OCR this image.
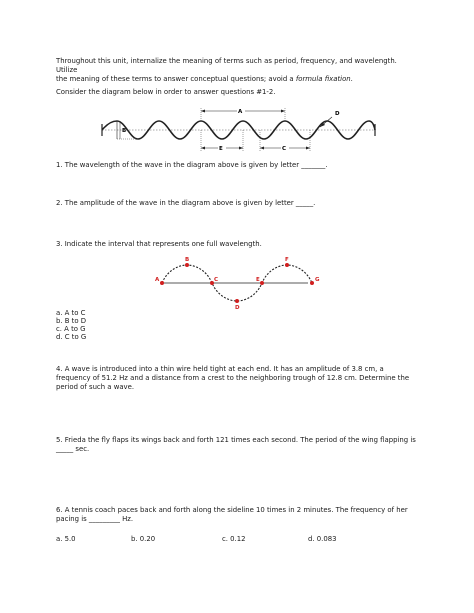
Throughout this unit, internalize the meaning of terms such as period, frequency, and wavelength. Utilize
the meaning of these terms to answer conceptual questions; avoid a formula fixation.

Consider the diagram below in order to answer questions #1-2.

A
B
D
E	C

1. The wavelength of the wave in the diagram above is given by letter _______.

2. The amplitude of the wave in the diagram above is given by letter _____.

3. Indicate the interval that represents one full wavelength.

A
B
C
D
E
F
G
a. A to C
b. B to D
c. A to G
d. C to G

4. A wave is introduced into a thin wire held tight at each end. It has an amplitude of 3.8 cm, a frequency of 51.2 Hz and a distance from a crest to the neighboring trough of 12.8 cm. Determine the period of such a wave.

5. Frieda the fly flaps its wings back and forth 121 times each second. The period of the wing flapping is _____ sec.

6. A tennis coach paces back and forth along the sideline 10 times in 2 minutes. The frequency of her pacing is _________ Hz.

a. 5.0	b. 0.20	c. 0.12	d. 0.083
